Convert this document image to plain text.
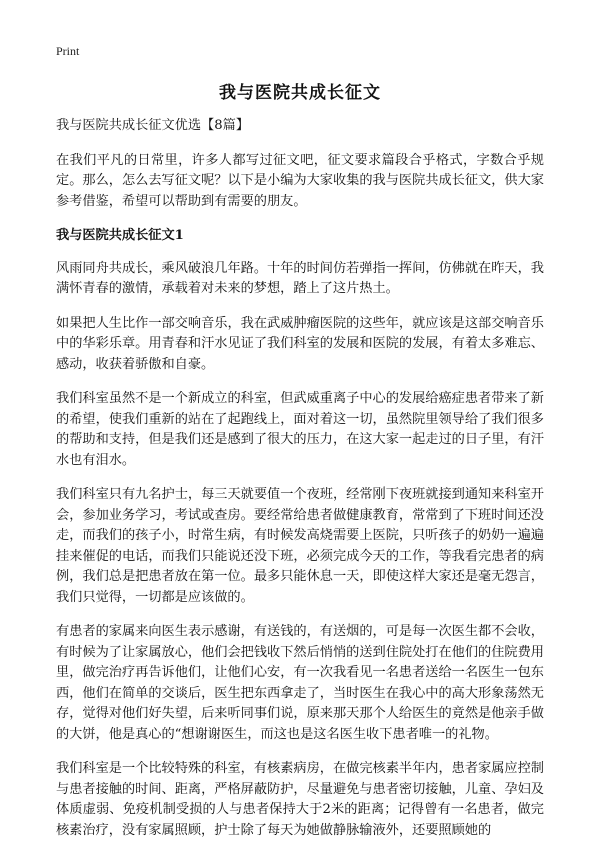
Print
我与医院共成长征文

我与医院共成长征文优选【8篇】

在我们平凡的日常里，许多人都写过征文吧，征文要求篇段合乎格式，字数合乎规定。那么，怎么去写征文呢？以下是小编为大家收集的我与医院共成长征文，供大家参考借鉴，希望可以帮助到有需要的朋友。

我与医院共成长征文1

风雨同舟共成长，乘风破浪几年路。十年的时间仿若弹指一挥间，仿佛就在昨天，我满怀青春的激情，承载着对未来的梦想，踏上了这片热土。

如果把人生比作一部交响音乐，我在武威肿瘤医院的这些年，就应该是这部交响音乐中的华彩乐章。用青春和汗水见证了我们科室的发展和医院的发展，有着太多难忘、感动，收获着骄傲和自豪。

我们科室虽然不是一个新成立的科室，但武威重离子中心的发展给癌症患者带来了新的希望，使我们重新的站在了起跑线上，面对着这一切，虽然院里领导给了我们很多的帮助和支持，但是我们还是感到了很大的压力，在这大家一起走过的日子里，有汗水也有泪水。

我们科室只有九名护士，每三天就要值一个夜班，经常刚下夜班就接到通知来科室开会，参加业务学习，考试或查房。要经常给患者做健康教育，常常到了下班时间还没走，而我们的孩子小，时常生病，有时候发高烧需要上医院，只听孩子的奶奶一遍遍挂来催促的电话，而我们只能说还没下班，必须完成今天的工作，等我看完患者的病例，我们总是把患者放在第一位。最多只能休息一天，即使这样大家还是毫无怨言，我们只觉得，一切都是应该做的。

有患者的家属来向医生表示感谢，有送钱的，有送烟的，可是每一次医生都不会收，有时候为了让家属放心，他们会把钱收下然后悄悄的送到住院处打在他们的住院费用里，做完治疗再告诉他们，让他们心安，有一次我看见一名患者送给一名医生一包东西，他们在简单的交谈后，医生把东西拿走了，当时医生在我心中的高大形象荡然无存，觉得对他们好失望，后来听同事们说，原来那天那个人给医生的竟然是他亲手做的大饼，他是真心的“想谢谢医生，而这也是这名医生收下患者唯一的礼物。

我们科室是一个比较特殊的科室，有核素病房，在做完核素半年内，患者家属应控制与患者接触的时间、距离，严格屏蔽防护，尽量避免与患者密切接触，儿童、孕妇及体质虚弱、免疫机制受损的人与患者保持大于2米的距离；记得曾有一名患者，做完核素治疗，没有家属照顾，护士除了每天为她做静脉输液外，还要照顾她的
